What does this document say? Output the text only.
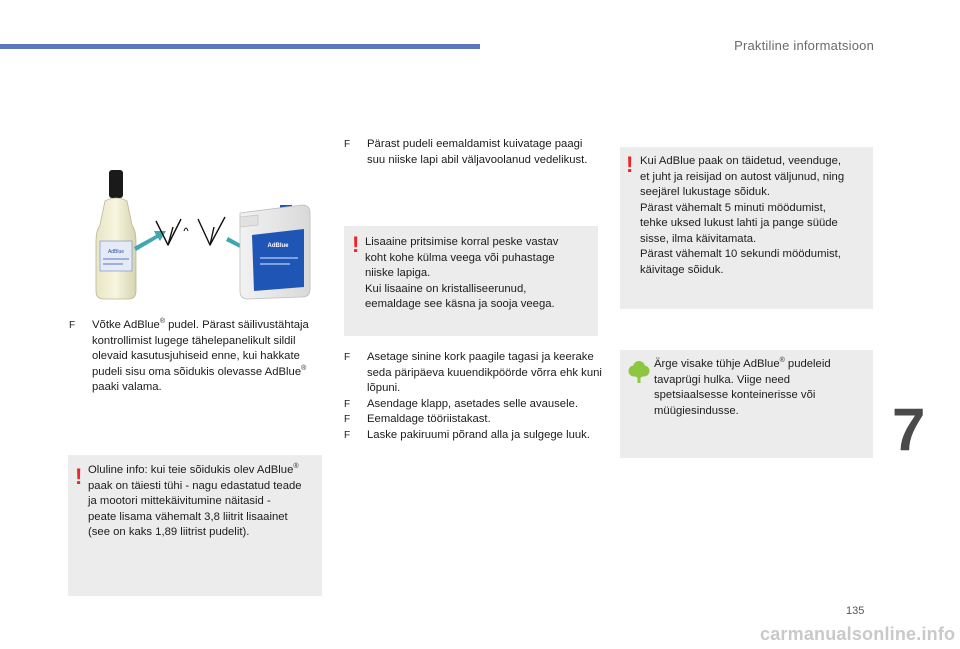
Praktiline informatsioon
AdBlue
AdBlue
F Võtke AdBlue® pudel. Pärast säilivustähtaja kontrollimist lugege tähelepanelikult sildil olevaid kasutusjuhiseid enne, kui hakkate pudeli sisu oma sõidukis olevasse AdBlue® paaki valama.
! Oluline info: kui teie sõidukis olev AdBlue®
paak on täiesti tühi - nagu edastatud teade
ja mootori mittekäivitumine näitasid -
peate lisama vähemalt 3,8 liitrit lisaainet
(see on kaks 1,89 liitrist pudelit).
F Pärast pudeli eemaldamist kuivatage paagi suu niiske lapi abil väljavoolanud vedelikust.
! Lisaaine pritsimise korral peske vastav
koht kohe külma veega või puhastage
niiske lapiga.
Kui lisaaine on kristalliseerunud,
eemaldage see käsna ja sooja veega.
F Asetage sinine kork paagile tagasi ja keerake seda päripäeva kuuendikpöörde võrra ehk kuni lõpuni.
F Asendage klapp, asetades selle avausele.
F Eemaldage tööriistakast.
F Laske pakiruumi põrand alla ja sulgege luuk.
! Kui AdBlue paak on täidetud, veenduge,
et juht ja reisijad on autost väljunud, ning
seejärel lukustage sõiduk.
Pärast vähemalt 5 minuti möödumist,
tehke uksed lukust lahti ja pange süüde
sisse, ilma käivitamata.
Pärast vähemalt 10 sekundi möödumist,
käivitage sõiduk.
Ärge visake tühje AdBlue® pudeleid
tavaprügi hulka. Viige need
spetsiaalsesse konteinerisse või
müügiesindusse.	7
135
carmanualsonline.info
